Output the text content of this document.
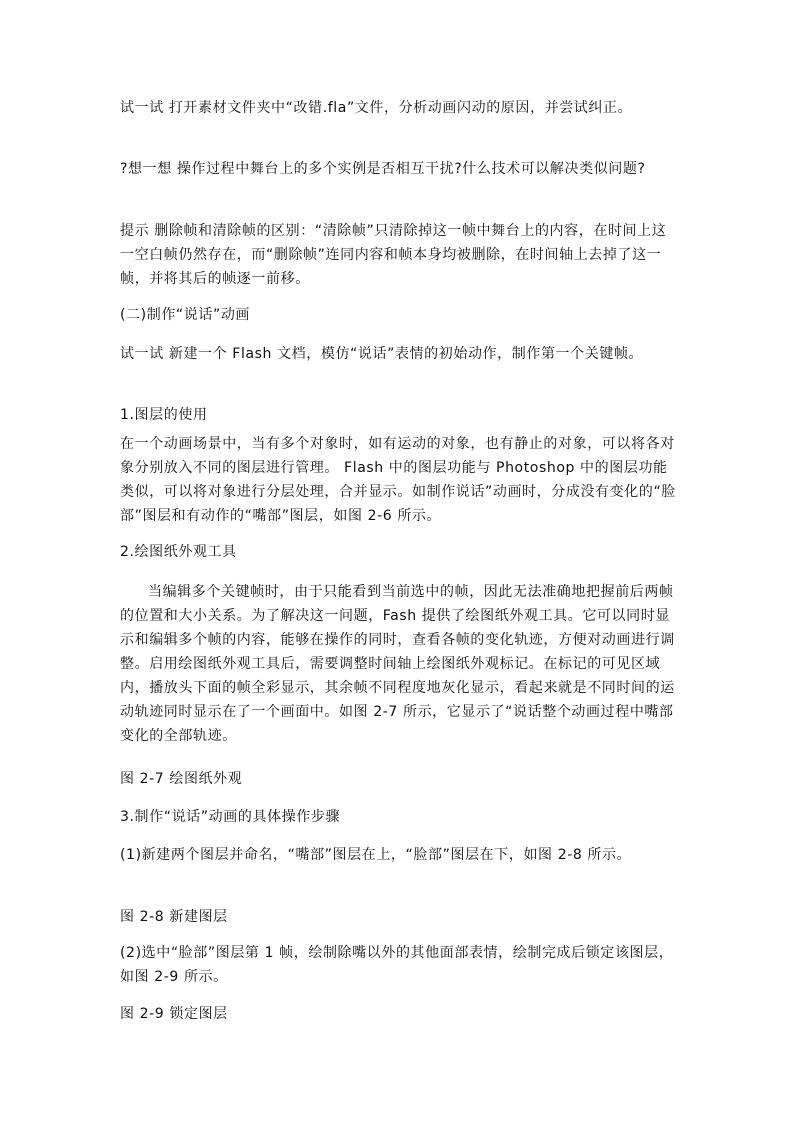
试一试 打开素材文件夹中“改错.fla”文件，分析动画闪动的原因，并尝试纠正。

?想一想 操作过程中舞台上的多个实例是否相互干扰?什么技术可以解决类似问题?

提示 删除帧和清除帧的区别：“清除帧”只清除掉这一帧中舞台上的内容，在时间上这一空白帧仍然存在，而“删除帧”连同内容和帧本身均被删除，在时间轴上去掉了这一帧，并将其后的帧逐一前移。

(二)制作“说话”动画

试一试 新建一个 Flash 文档，模仿“说话”表情的初始动作，制作第一个关键帧。

1.图层的使用

在一个动画场景中，当有多个对象时，如有运动的对象，也有静止的对象，可以将各对象分别放入不同的图层进行管理。 Flash 中的图层功能与 Photoshop 中的图层功能类似，可以将对象进行分层处理，合并显示。如制作说话”动画时，分成没有变化的“脸部”图层和有动作的“嘴部”图层，如图 2-6 所示。

2.绘图纸外观工具

当编辑多个关键帧时，由于只能看到当前选中的帧，因此无法准确地把握前后两帧的位置和大小关系。为了解决这一问题，Fash 提供了绘图纸外观工具。它可以同时显示和编辑多个帧的内容，能够在操作的同时，查看各帧的变化轨迹，方便对动画进行调整。启用绘图纸外观工具后，需要调整时间轴上绘图纸外观标记。在标记的可见区域内，播放头下面的帧全彩显示，其余帧不同程度地灰化显示，看起来就是不同时间的运动轨迹同时显示在了一个画面中。如图 2-7 所示，它显示了“说话整个动画过程中嘴部变化的全部轨迹。

图 2-7 绘图纸外观

3.制作“说话”动画的具体操作步骤

(1)新建两个图层并命名，“嘴部”图层在上，“脸部”图层在下，如图 2-8 所示。

图 2-8 新建图层

(2)选中“脸部”图层第 1 帧，绘制除嘴以外的其他面部表情，绘制完成后锁定该图层，如图 2-9 所示。

图 2-9 锁定图层
